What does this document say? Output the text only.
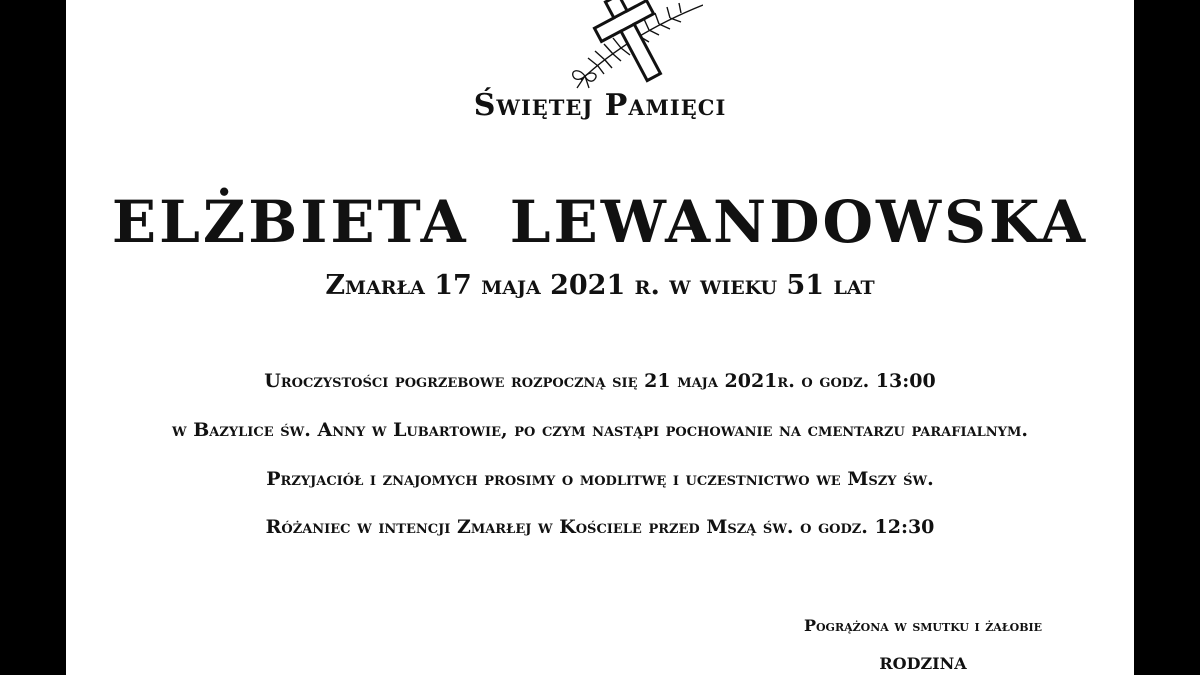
Świętej Pamięci
ELŻBIETA LEWANDOWSKA
Zmarła 17 maja 2021 r. w wieku 51 lat
Uroczystości pogrzebowe rozpoczną się 21 maja 2021r. o godz. 13:00
w Bazylice św. Anny w Lubartowie, po czym nastąpi pochowanie na cmentarzu parafialnym.
Przyjaciół i znajomych prosimy o modlitwę i uczestnictwo we Mszy św.
Różaniec w intencji Zmarłej w Kościele przed Mszą św. o godz. 12:30
Pogrążona w smutku i żałobie
RODZINA
